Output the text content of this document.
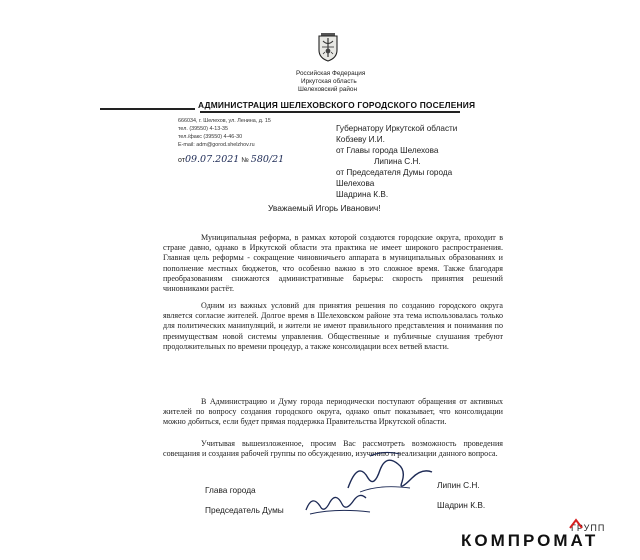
Российская Федерация
Иркутская область
Шелеховский район
АДМИНИСТРАЦИЯ ШЕЛЕХОВСКОГО ГОРОДСКОГО ПОСЕЛЕНИЯ
666034, г. Шелехов, ул. Ленина, д. 15
тел. (39550) 4-13-35
тел./факс (39550) 4-46-30
E-mail: adm@gorod.shelzhov.ru
от09.07.2021 № 580/21
Губернатору Иркутской области
Кобзеву И.И.
от Главы города Шелехова
Липина С.Н.
от Председателя Думы города
Шелехова
Шадрина К.В.
Уважаемый Игорь Иванович!
Муниципальная реформа, в рамках которой создаются городские округа, проходит в стране давно, однако в Иркутской области эта практика не имеет широкого распространения. Главная цель реформы - сокращение чиновничьего аппарата в муниципальных образованиях и пополнение местных бюджетов, что особенно важно в это сложное время. Также благодаря преобразованиям снижаются административные барьеры: скорость принятия решений чиновниками растёт.
Одним из важных условий для принятия решения по созданию городского округа является согласие жителей. Долгое время в Шелеховском районе эта тема использовалась только для политических манипуляций, и жители не имеют правильного представления и понимания по преимуществам новой системы управления. Общественные и публичные слушания требуют продолжительных по времени процедур, а также консолидации всех ветвей власти.
В Администрацию и Думу города периодически поступают обращения от активных жителей по вопросу создания городского округа, однако опыт показывает, что консолидации можно добиться, если будет прямая поддержка Правительства Иркутской области.
Учитывая вышеизложенное, просим Вас рассмотреть возможность проведения совещания и создания рабочей группы по обсуждению, изучению и реализации данного вопроса.
Глава города	Липин С.Н.
Председатель Думы	Шадрин К.В.
ГРУПП
КОМПРОМАТ
